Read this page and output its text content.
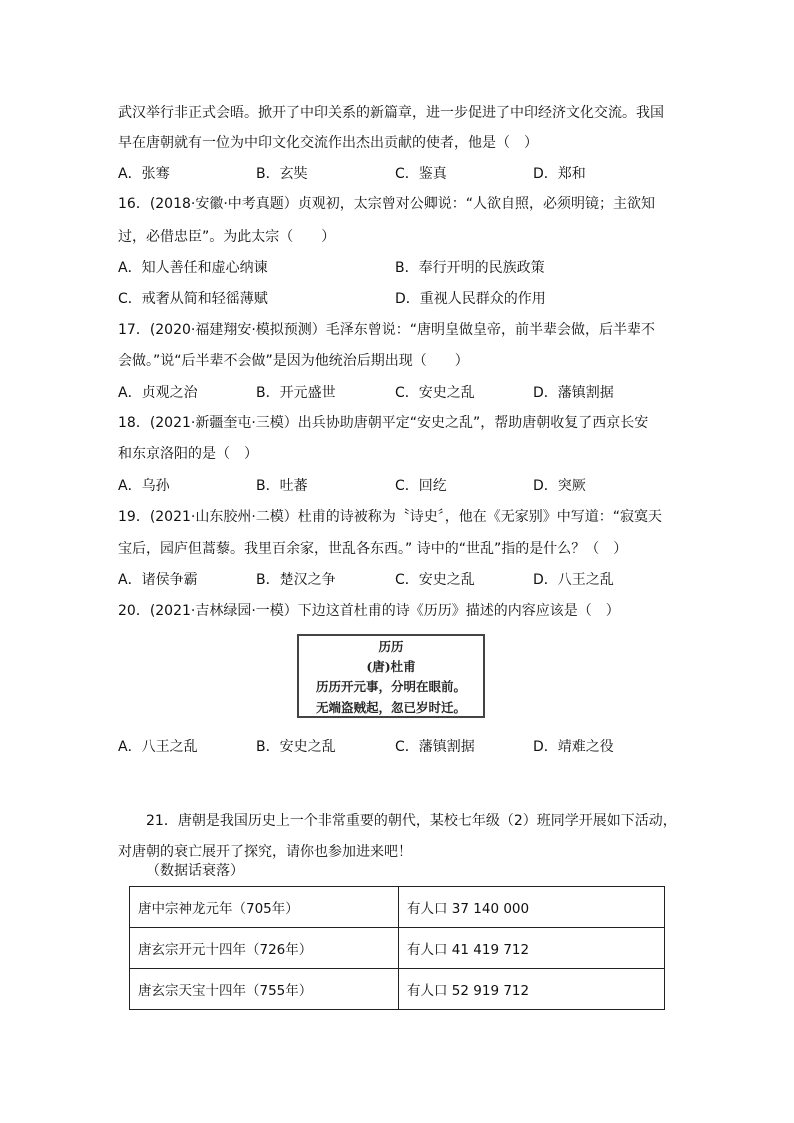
武汉举行非正式会晤。掀开了中印关系的新篇章，进一步促进了中印经济文化交流。我国
早在唐朝就有一位为中印文化交流作出杰出贡献的使者，他是（　）
A．张骞	B．玄奘	C．鉴真	D．郑和
16．(2018·安徽·中考真题）贞观初，太宗曾对公卿说：“人欲自照，必须明镜；主欲知
过，必借忠臣”。为此太宗（　　）
A．知人善任和虚心纳谏	B．奉行开明的民族政策
C．戒奢从简和轻徭薄赋	D．重视人民群众的作用
17．(2020·福建翔安·模拟预测）毛泽东曾说：“唐明皇做皇帝，前半辈会做，后半辈不
会做。”说“后半辈不会做”是因为他统治后期出现（　　）
A．贞观之治	B．开元盛世	C．安史之乱	D．藩镇割据
18．(2021·新疆奎屯·三模）出兵协助唐朝平定“安史之乱”，帮助唐朝收复了西京长安
和东京洛阳的是（　）
A．乌孙	B．吐蕃	C．回纥	D．突厥
19．(2021·山东胶州·二模）杜甫的诗被称为〝诗史〞，他在《无家别》中写道：“寂寞天
宝后，园庐但蒿藜。我里百余家，世乱各东西。” 诗中的“世乱”指的是什么？（　）
A．诸侯争霸	B．楚汉之争	C．安史之乱	D．八王之乱
20．(2021·吉林绿园·一模）下边这首杜甫的诗《历历》描述的内容应该是（　）
历历
(唐)杜甫
历历开元事，分明在眼前。
无端盗贼起，忽已岁时迁。
A．八王之乱	B．安史之乱	C．藩镇割据	D．靖难之役
21．唐朝是我国历史上一个非常重要的朝代，某校七年级（2）班同学开展如下活动，
对唐朝的衰亡展开了探究，请你也参加进来吧！
（数据话衰落）
唐中宗神龙元年（705年）	有人口 37 140 000
唐玄宗开元十四年（726年）	有人口 41 419 712
唐玄宗天宝十四年（755年）	有人口 52 919 712
